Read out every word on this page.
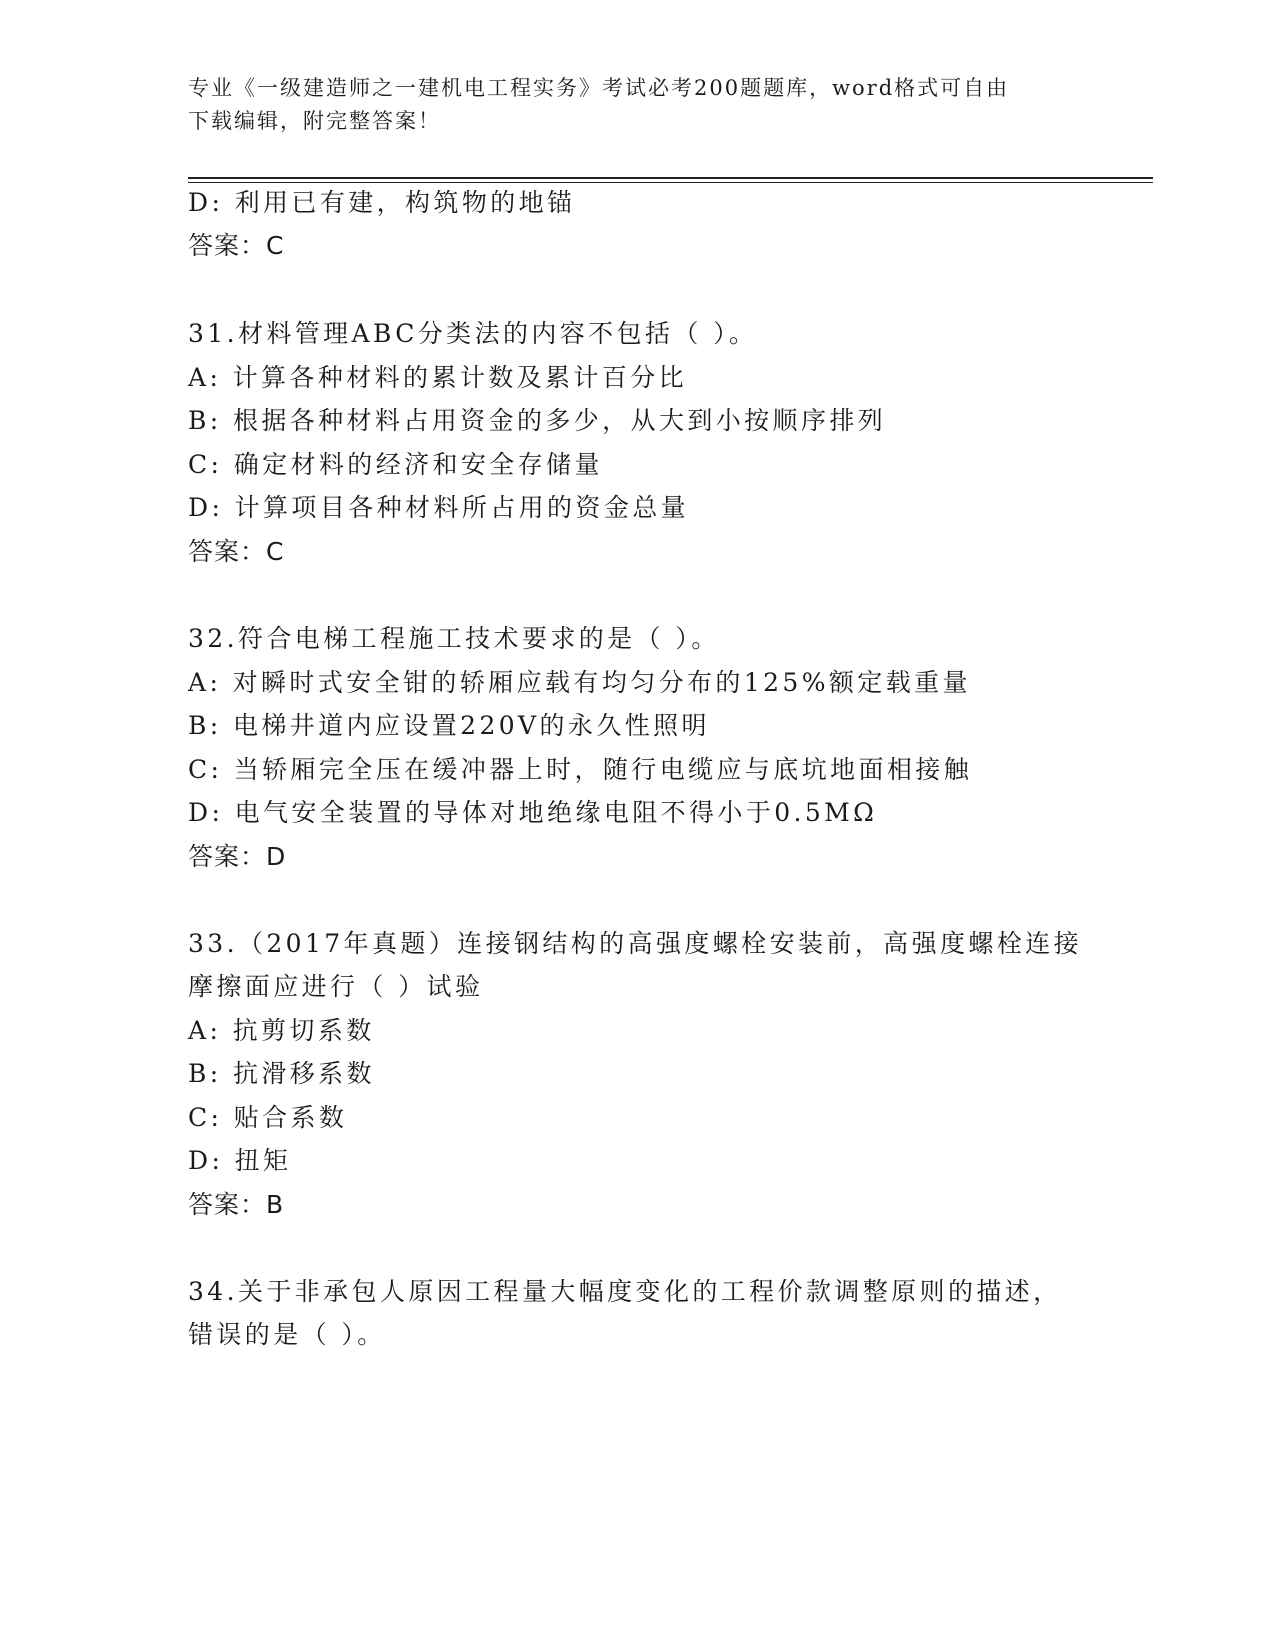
专业《一级建造师之一建机电工程实务》考试必考200题题库，word格式可自由
下载编辑，附完整答案！
D: 利用已有建，构筑物的地锚
答案：C
31.材料管理ABC分类法的内容不包括（ ）。
A: 计算各种材料的累计数及累计百分比
B: 根据各种材料占用资金的多少，从大到小按顺序排列
C: 确定材料的经济和安全存储量
D: 计算项目各种材料所占用的资金总量
答案：C
32.符合电梯工程施工技术要求的是（ ）。
A: 对瞬时式安全钳的轿厢应载有均匀分布的125%额定载重量
B: 电梯井道内应设置220V的永久性照明
C: 当轿厢完全压在缓冲器上时，随行电缆应与底坑地面相接触
D: 电气安全装置的导体对地绝缘电阻不得小于0.5MΩ
答案：D
33.（2017年真题）连接钢结构的高强度螺栓安装前，高强度螺栓连接
摩擦面应进行（ ）试验
A: 抗剪切系数
B: 抗滑移系数
C: 贴合系数
D: 扭矩
答案：B
34.关于非承包人原因工程量大幅度变化的工程价款调整原则的描述，
错误的是（ ）。
